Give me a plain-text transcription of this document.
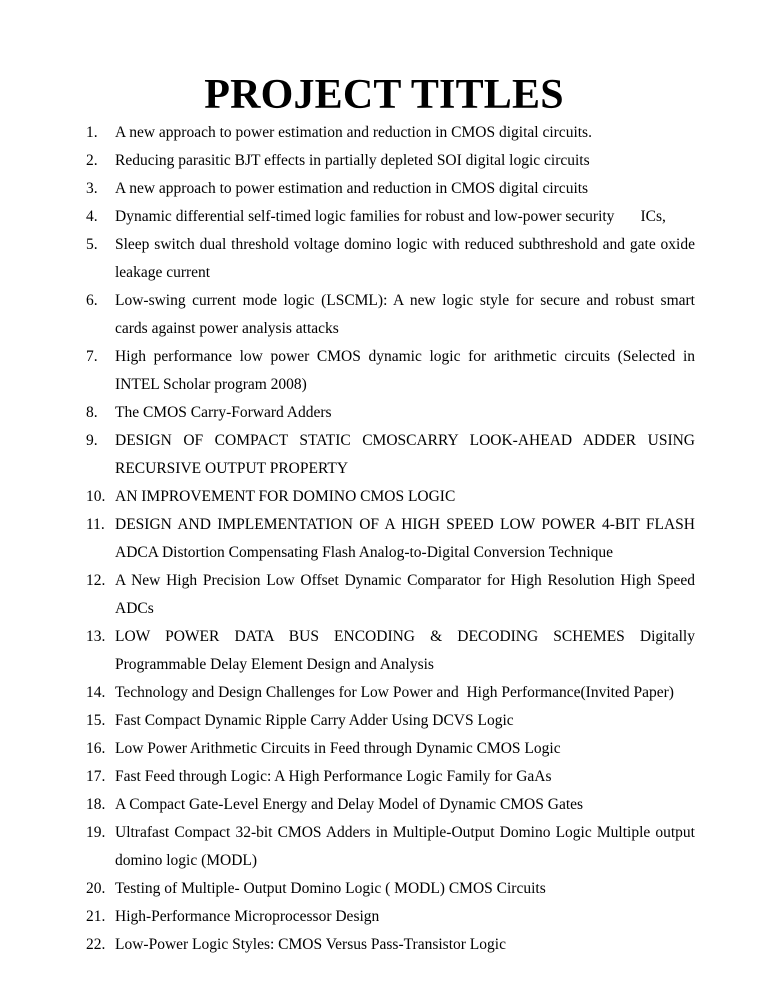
PROJECT TITLES
1. A new approach to power estimation and reduction in CMOS digital circuits.
2. Reducing parasitic BJT effects in partially depleted SOI digital logic circuits
3. A new approach to power estimation and reduction in CMOS digital circuits
4. Dynamic differential self-timed logic families for robust and low-power security ICs,
5. Sleep switch dual threshold voltage domino logic with reduced subthreshold and gate oxide leakage current
6. Low-swing current mode logic (LSCML): A new logic style for secure and robust smart cards against power analysis attacks
7. High performance low power CMOS dynamic logic for arithmetic circuits (Selected in INTEL Scholar program 2008)
8. The CMOS Carry-Forward Adders
9. DESIGN OF COMPACT STATIC CMOSCARRY LOOK-AHEAD ADDER USING RECURSIVE OUTPUT PROPERTY
10. AN IMPROVEMENT FOR DOMINO CMOS LOGIC
11. DESIGN AND IMPLEMENTATION OF A HIGH SPEED LOW POWER 4-BIT FLASH ADCA Distortion Compensating Flash Analog-to-Digital Conversion Technique
12. A New High Precision Low Offset Dynamic Comparator for High Resolution High Speed ADCs
13. LOW POWER DATA BUS ENCODING & DECODING SCHEMES Digitally Programmable Delay Element Design and Analysis
14. Technology and Design Challenges for Low Power and  High Performance(Invited Paper)
15. Fast Compact Dynamic Ripple Carry Adder Using DCVS Logic
16. Low Power Arithmetic Circuits in Feed through Dynamic CMOS Logic
17. Fast Feed through Logic: A High Performance Logic Family for GaAs
18. A Compact Gate-Level Energy and Delay Model of Dynamic CMOS Gates
19. Ultrafast Compact 32-bit CMOS Adders in Multiple-Output Domino Logic Multiple output domino logic (MODL)
20. Testing of Multiple- Output Domino Logic ( MODL) CMOS Circuits
21. High-Performance Microprocessor Design
22. Low-Power Logic Styles: CMOS Versus Pass-Transistor Logic
